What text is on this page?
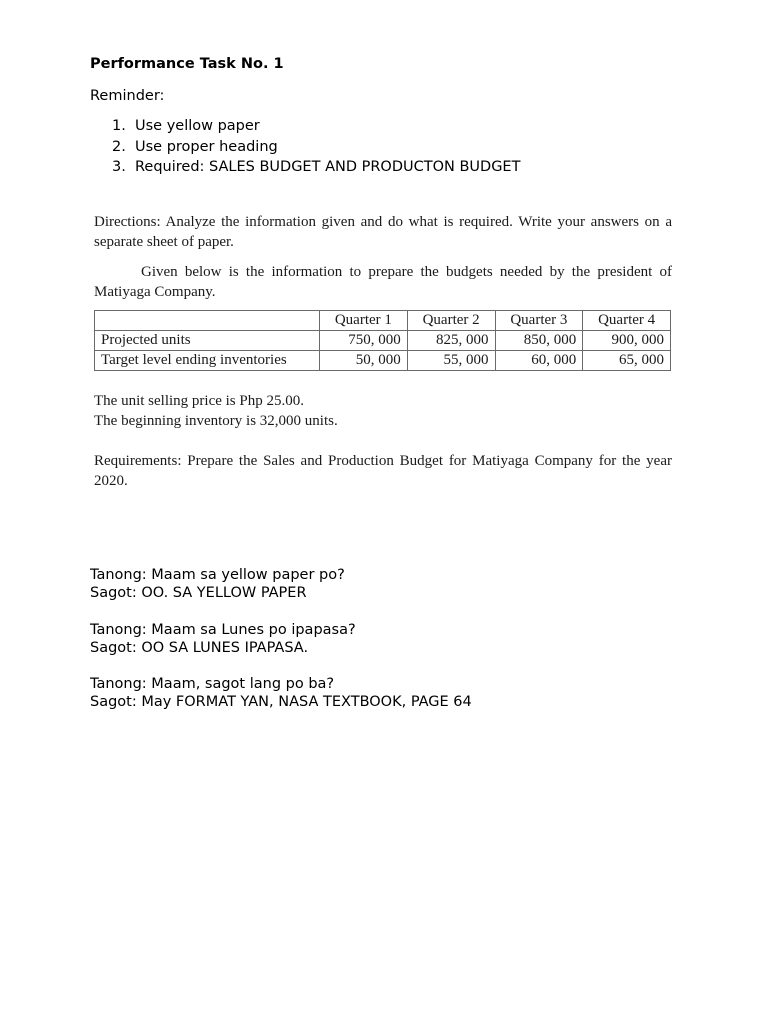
Performance Task No. 1
Reminder:
1. Use yellow paper
2. Use proper heading
3. Required: SALES BUDGET AND PRODUCTON BUDGET

Directions: Analyze the information given and do what is required. Write your answers on a separate sheet of paper.

Given below is the information to prepare the budgets needed by the president of Matiyaga Company.

	Quarter 1	Quarter 2	Quarter 3	Quarter 4
Projected units	750, 000	825, 000	850, 000	900, 000
Target level ending inventories	50, 000	55, 000	60, 000	65, 000

The unit selling price is Php 25.00.

The beginning inventory is 32,000 units.

Requirements: Prepare the Sales and Production Budget for Matiyaga Company for the year 2020.

Tanong: Maam sa yellow paper po?
Sagot: OO. SA YELLOW PAPER
Tanong: Maam sa Lunes po ipapasa?
Sagot: OO SA LUNES IPAPASA.
Tanong: Maam, sagot lang po ba?
Sagot: May FORMAT YAN, NASA TEXTBOOK, PAGE 64
